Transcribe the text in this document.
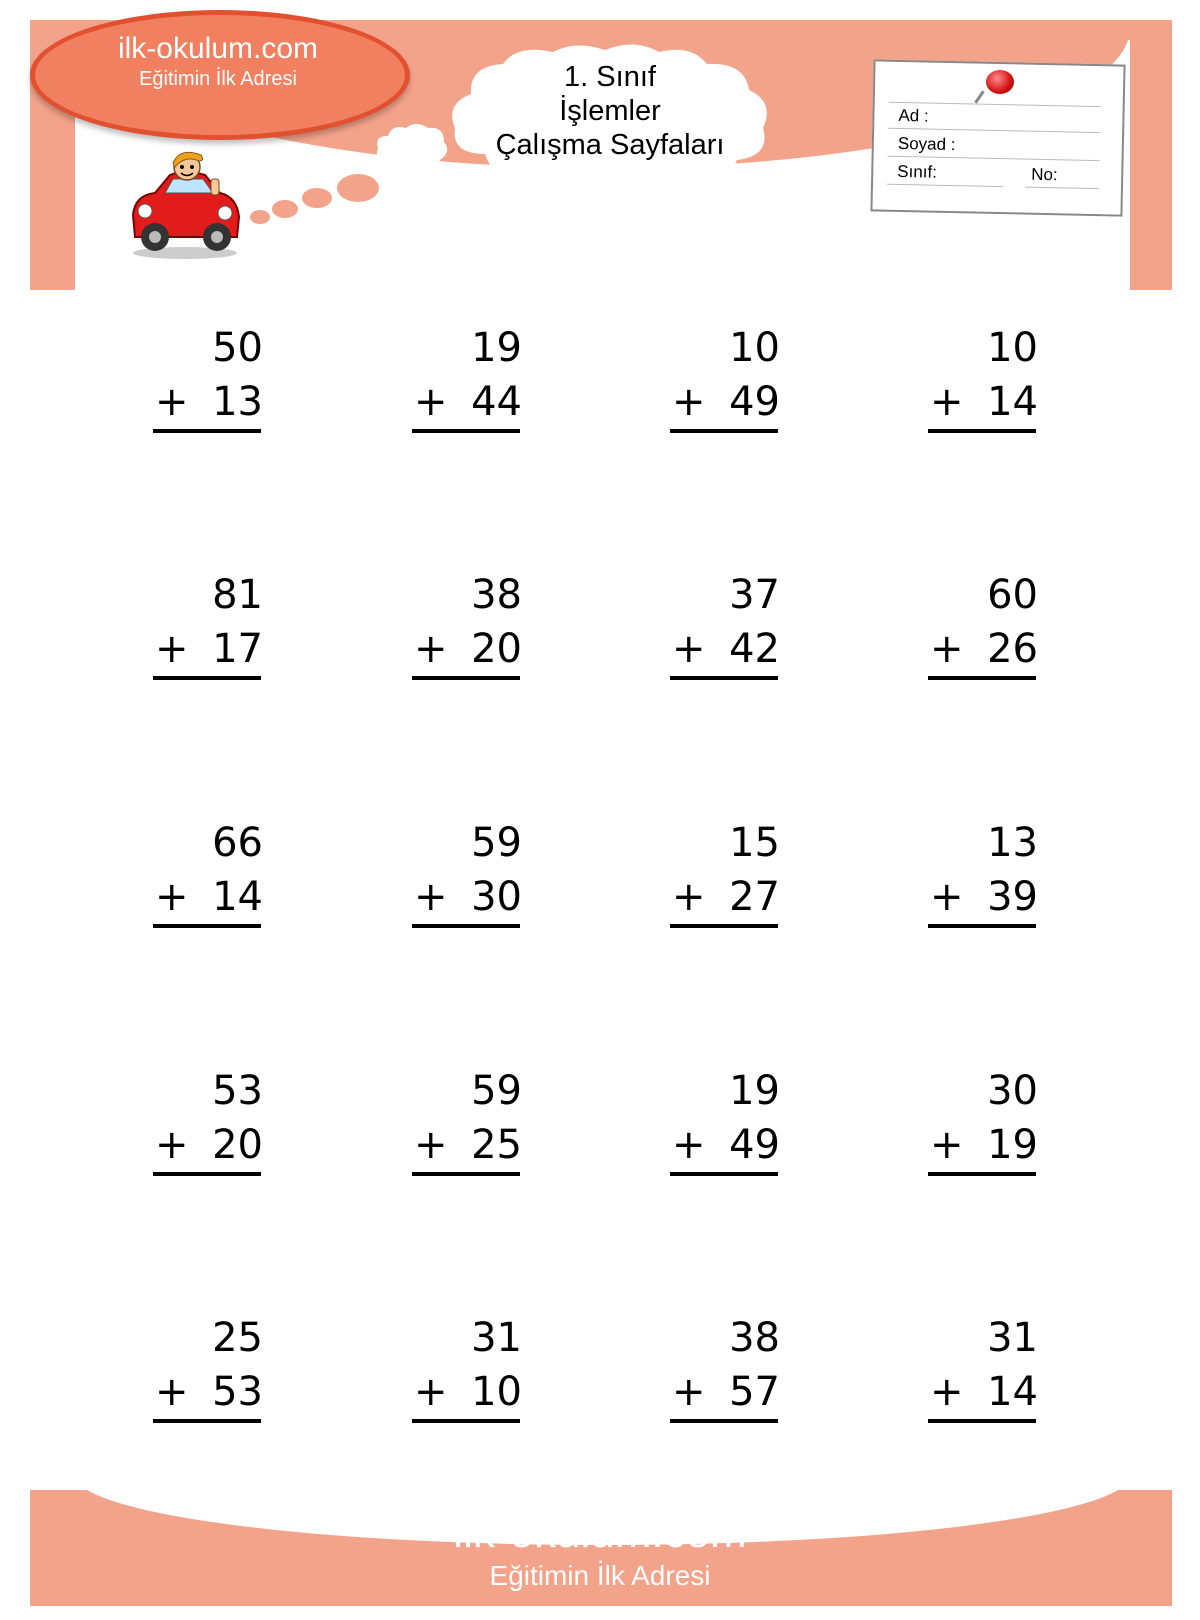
ilk-okulum.com
Eğitimin İlk Adresi	1. Sınıf
İşlemler
Çalışma Sayfaları
Ad :
Soyad :
Sınıf:	No:
50
+ 13
19
+ 44
10
+ 49
10
+ 14
81
+ 17
38
+ 20
37
+ 42
60
+ 26
66
+ 14
59
+ 30
15
+ 27
13
+ 39
53
+ 20
59
+ 25
19
+ 49
30
+ 19
25
+ 53
31
+ 10
38
+ 57
31
+ 14
ilk-okulum.com
Eğitimin İlk Adresi
